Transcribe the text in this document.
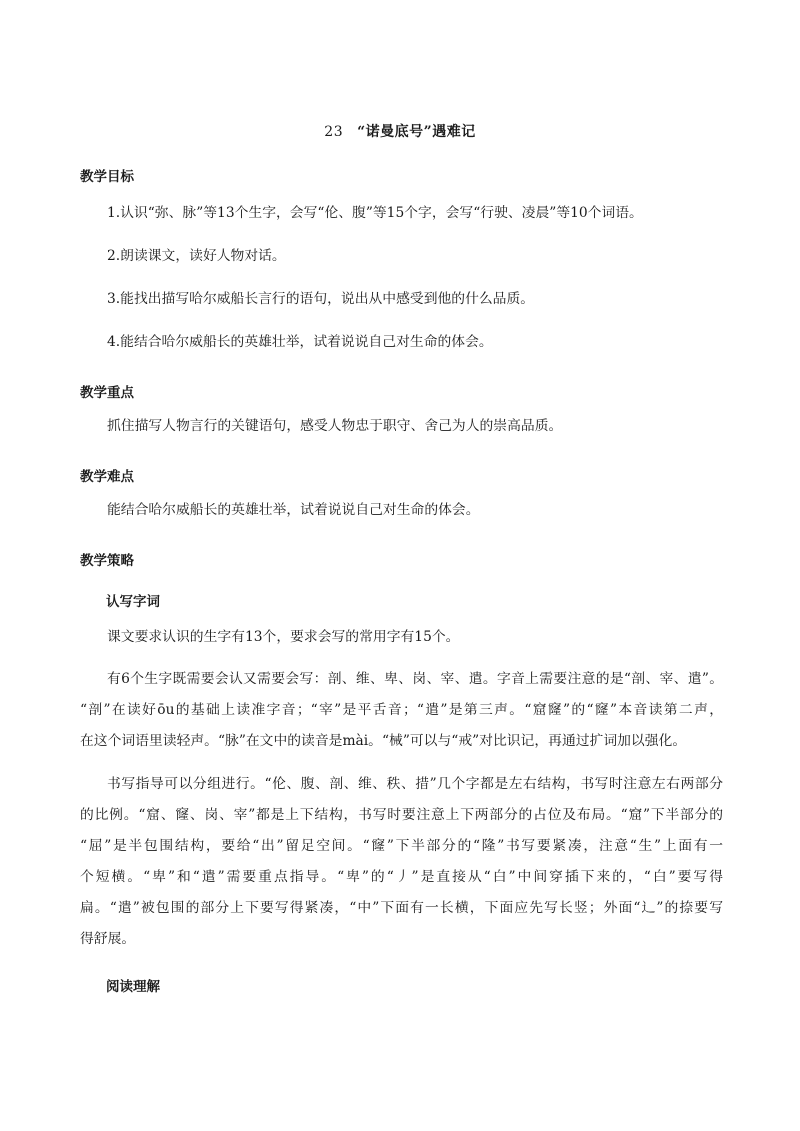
23 “诺曼底号”遇难记
教学目标
1.认识“弥、脉”等13个生字，会写“伦、腹”等15个字，会写“行驶、凌晨”等10个词语。
2.朗读课文，读好人物对话。
3.能找出描写哈尔威船长言行的语句，说出从中感受到他的什么品质。
4.能结合哈尔威船长的英雄壮举，试着说说自己对生命的体会。
教学重点
抓住描写人物言行的关键语句，感受人物忠于职守、舍己为人的崇高品质。
教学难点
能结合哈尔威船长的英雄壮举，试着说说自己对生命的体会。
教学策略
认写字词
课文要求认识的生字有13个，要求会写的常用字有15个。
有6个生字既需要会认又需要会写：剖、维、卑、岗、宰、遣。字音上需要注意的是“剖、宰、遣”。
“剖”在读好ōu的基础上读准字音；“宰”是平舌音；“遣”是第三声。“窟窿”的“窿”本音读第二声，
在这个词语里读轻声。“脉”在文中的读音是mài。“械”可以与“戒”对比识记，再通过扩词加以强化。
书写指导可以分组进行。“伦、腹、剖、维、秩、措”几个字都是左右结构，书写时注意左右两部分
的比例。“窟、窿、岗、宰”都是上下结构，书写时要注意上下两部分的占位及布局。“窟”下半部分的
“屈”是半包围结构，要给“出”留足空间。“窿”下半部分的“隆”书写要紧凑，注意“生”上面有一
个短横。“卑”和“遣”需要重点指导。“卑”的“丿”是直接从“白”中间穿插下来的，“白”要写得
扁。“遣”被包围的部分上下要写得紧凑，“中”下面有一长横，下面应先写长竖；外面“辶”的捺要写
得舒展。
阅读理解
